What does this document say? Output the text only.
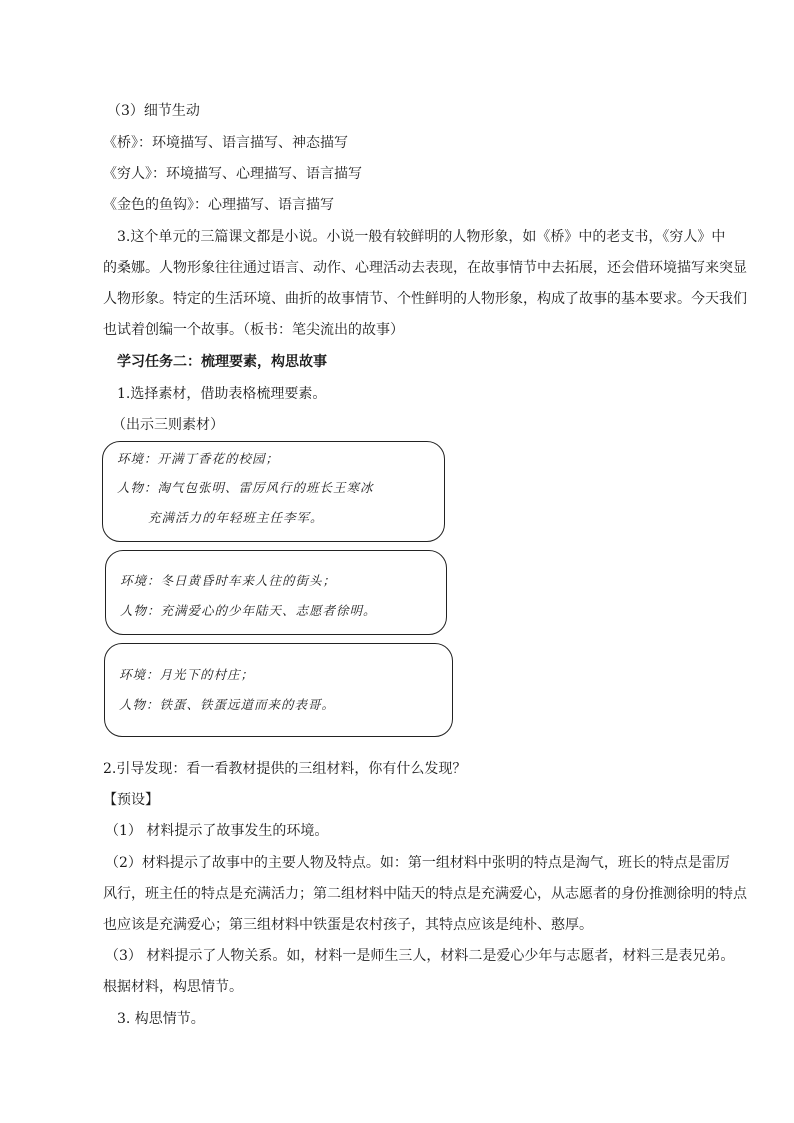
（3）细节生动
《桥》：环境描写、语言描写、神态描写
《穷人》：环境描写、心理描写、语言描写
《金色的鱼钩》：心理描写、语言描写
3.这个单元的三篇课文都是小说。小说一般有较鲜明的人物形象，如《桥》中的老支书，《穷人》中
的桑娜。人物形象往往通过语言、动作、心理活动去表现，在故事情节中去拓展，还会借环境描写来突显
人物形象。特定的生活环境、曲折的故事情节、个性鲜明的人物形象，构成了故事的基本要求。今天我们
也试着创编一个故事。（板书：笔尖流出的故事）
学习任务二：梳理要素，构思故事
1.选择素材，借助表格梳理要素。
（出示三则素材）
环境：开满丁香花的校园；
人物：淘气包张明、雷厉风行的班长王寒冰
充满活力的年轻班主任李军。
环境：冬日黄昏时车来人往的街头；
人物：充满爱心的少年陆天、志愿者徐明。
环境：月光下的村庄；
人物：铁蛋、铁蛋远道而来的表哥。
2.引导发现：看一看教材提供的三组材料，你有什么发现？
【预设】
（1） 材料提示了故事发生的环境。
（2）材料提示了故事中的主要人物及特点。如：第一组材料中张明的特点是淘气，班长的特点是雷厉
风行，班主任的特点是充满活力；第二组材料中陆天的特点是充满爱心，从志愿者的身份推测徐明的特点
也应该是充满爱心；第三组材料中铁蛋是农村孩子，其特点应该是纯朴、憨厚。
（3） 材料提示了人物关系。如，材料一是师生三人，材料二是爱心少年与志愿者，材料三是表兄弟。
根据材料，构思情节。
3. 构思情节。
